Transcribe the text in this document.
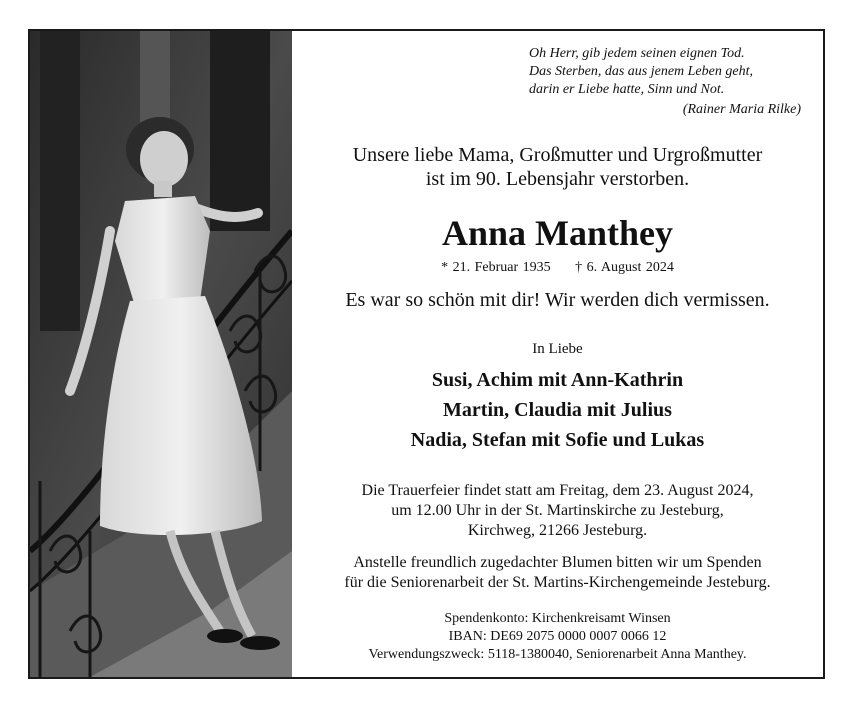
Oh Herr, gib jedem seinen eignen Tod.
Das Sterben, das aus jenem Leben geht,
darin er Liebe hatte, Sinn und Not.
(Rainer Maria Rilke)
Unsere liebe Mama, Großmutter und Urgroßmutter
ist im 90. Lebensjahr verstorben.
Anna Manthey
* 21. Februar 1935 † 6. August 2024
Es war so schön mit dir! Wir werden dich vermissen.
In Liebe
Susi, Achim mit Ann-Kathrin
Martin, Claudia mit Julius
Nadia, Stefan mit Sofie und Lukas
Die Trauerfeier findet statt am Freitag, dem 23. August 2024,
um 12.00 Uhr in der St. Martinskirche zu Jesteburg,
Kirchweg, 21266 Jesteburg.
Anstelle freundlich zugedachter Blumen bitten wir um Spenden
für die Seniorenarbeit der St. Martins-Kirchengemeinde Jesteburg.
Spendenkonto: Kirchenkreisamt Winsen
IBAN: DE69 2075 0000 0007 0066 12
Verwendungszweck: 5118-1380040, Seniorenarbeit Anna Manthey.
